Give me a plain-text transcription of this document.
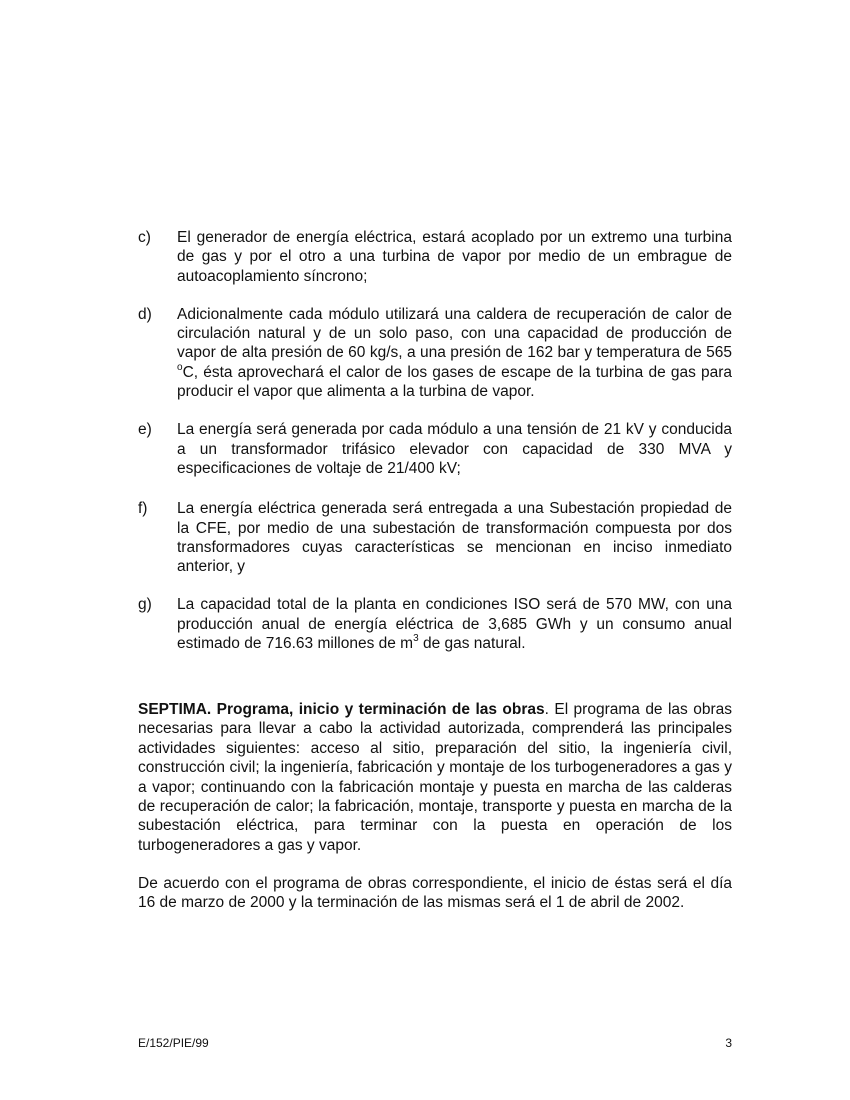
c) El generador de energía eléctrica, estará acoplado por un extremo una turbina de gas y por el otro a una turbina de vapor por medio de un embrague de autoacoplamiento síncrono;
d) Adicionalmente cada módulo utilizará una caldera de recuperación de calor de circulación natural y de un solo paso, con una capacidad de producción de vapor de alta presión de 60 kg/s, a una presión de 162 bar y temperatura de 565 $^o$C, ésta aprovechará el calor de los gases de escape de la turbina de gas para producir el vapor que alimenta a la turbina de vapor.
e) La energía será generada por cada módulo a una tensión de 21 kV y conducida a un transformador trifásico elevador con capacidad de 330 MVA y especificaciones de voltaje de 21/400 kV;
f) La energía eléctrica generada será entregada a una Subestación propiedad de la CFE, por medio de una subestación de transformación compuesta por dos transformadores cuyas características se mencionan en inciso inmediato anterior, y
g) La capacidad total de la planta en condiciones ISO será de 570 MW, con una producción anual de energía eléctrica de 3,685 GWh y un consumo anual estimado de 716.63 millones de $m^3$ de gas natural.
SEPTIMA. Programa, inicio y terminación de las obras. El programa de las obras necesarias para llevar a cabo la actividad autorizada, comprenderá las principales actividades siguientes: acceso al sitio, preparación del sitio, la ingeniería civil, construcción civil; la ingeniería, fabricación y montaje de los turbogeneradores a gas y a vapor; continuando con la fabricación montaje y puesta en marcha de las calderas de recuperación de calor; la fabricación, montaje, transporte y puesta en marcha de la subestación eléctrica, para terminar con la puesta en operación de los turbogeneradores a gas y vapor.
De acuerdo con el programa de obras correspondiente, el inicio de éstas será el día 16 de marzo de 2000 y la terminación de las mismas será el 1 de abril de 2002.
E/152/PIE/99	3
